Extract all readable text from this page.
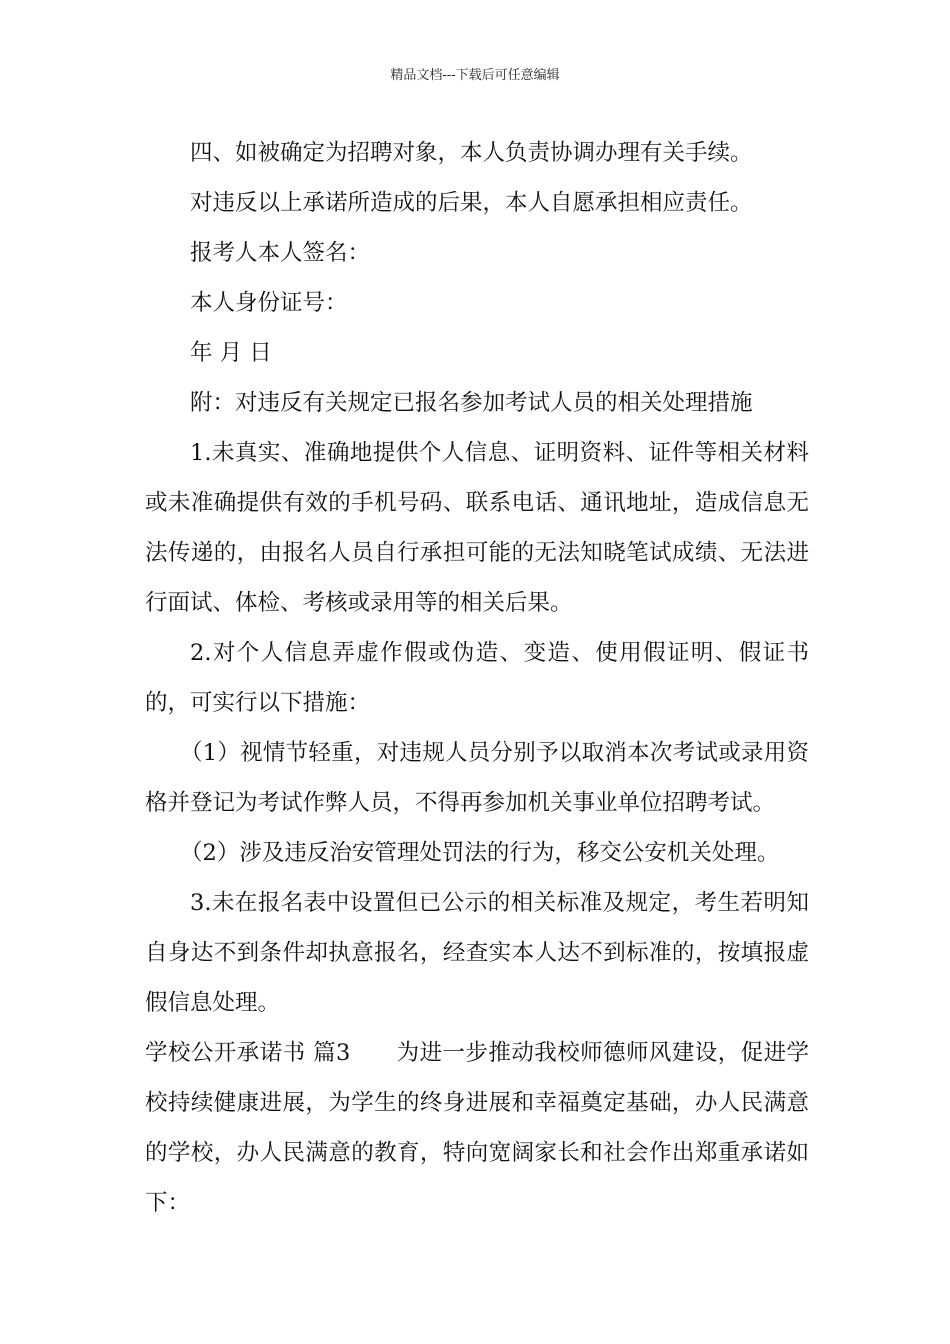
精品文档---下载后可任意编辑

四、如被确定为招聘对象，本人负责协调办理有关手续。

对违反以上承诺所造成的后果，本人自愿承担相应责任。

报考人本人签名：

本人身份证号：

年 月 日

附：对违反有关规定已报名参加考试人员的相关处理措施

1.未真实、准确地提供个人信息、证明资料、证件等相关材料或未准确提供有效的手机号码、联系电话、通讯地址，造成信息无法传递的，由报名人员自行承担可能的无法知晓笔试成绩、无法进行面试、体检、考核或录用等的相关后果。

2.对个人信息弄虚作假或伪造、变造、使用假证明、假证书的，可实行以下措施：

（1）视情节轻重，对违规人员分别予以取消本次考试或录用资格并登记为考试作弊人员，不得再参加机关事业单位招聘考试。

（2）涉及违反治安管理处罚法的行为，移交公安机关处理。

3.未在报名表中设置但已公示的相关标准及规定，考生若明知自身达不到条件却执意报名，经查实本人达不到标准的，按填报虚假信息处理。

学校公开承诺书 篇3　　为进一步推动我校师德师风建设，促进学校持续健康进展，为学生的终身进展和幸福奠定基础，办人民满意的学校，办人民满意的教育，特向宽阔家长和社会作出郑重承诺如下：
